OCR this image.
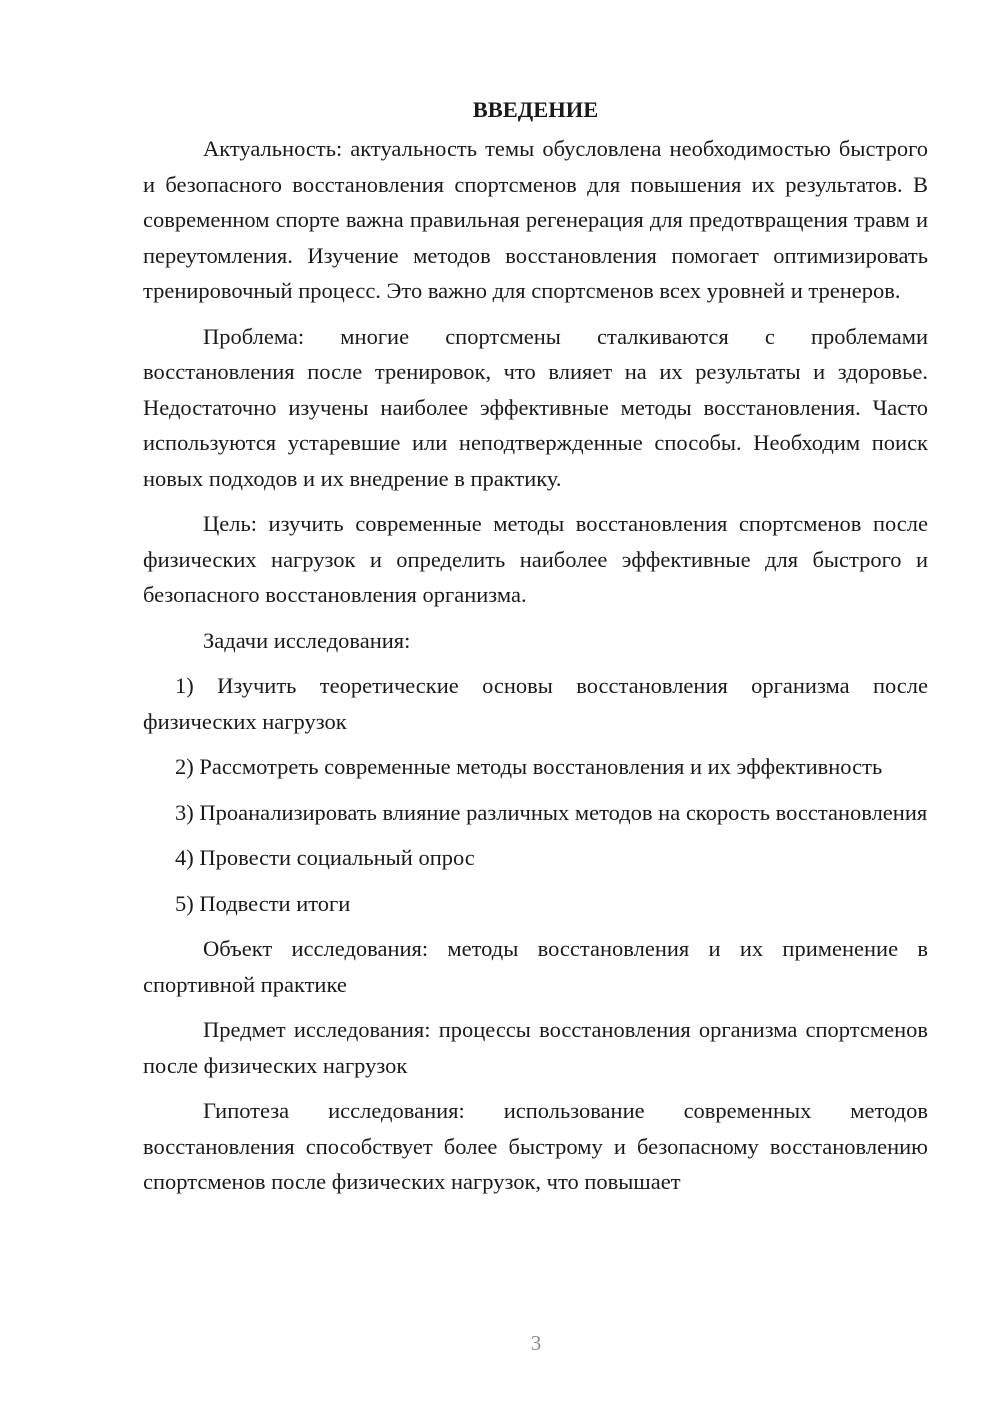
ВВЕДЕНИЕ

Актуальность: актуальность темы обусловлена необходимостью быстрого и безопасного восстановления спортсменов для повышения их результатов. В современном спорте важна правильная регенерация для предотвращения травм и переутомления. Изучение методов восстановления помогает оптимизировать тренировочный процесс. Это важно для спортсменов всех уровней и тренеров.

Проблема: многие спортсмены сталкиваются с проблемами восстановления после тренировок, что влияет на их результаты и здоровье. Недостаточно изучены наиболее эффективные методы восстановления. Часто используются устаревшие или неподтвержденные способы. Необходим поиск новых подходов и их внедрение в практику.

Цель: изучить современные методы восстановления спортсменов после физических нагрузок и определить наиболее эффективные для быстрого и безопасного восстановления организма.

Задачи исследования:

1) Изучить теоретические основы восстановления организма после физических нагрузок

2) Рассмотреть современные методы восстановления и их эффективность

3) Проанализировать влияние различных методов на скорость восстановления

4) Провести социальный опрос

5) Подвести итоги

Объект исследования: методы восстановления и их применение в спортивной практике

Предмет исследования: процессы восстановления организма спортсменов после физических нагрузок

Гипотеза исследования: использование современных методов восстановления способствует более быстрому и безопасному восстановлению спортсменов после физических нагрузок, что повышает

3
